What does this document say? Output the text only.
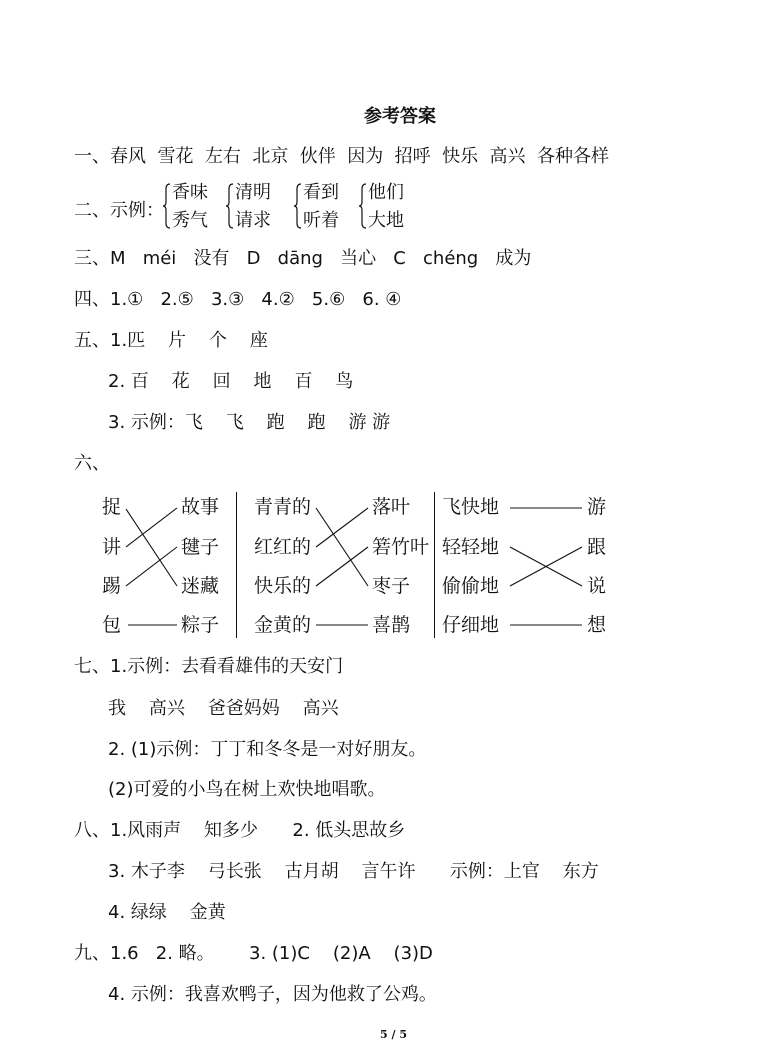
参考答案
一、春风  雪花  左右  北京  伙伴  因为  招呼  快乐  高兴  各种各样
二、示例：
香味
秀气
清明
请求
看到
听着
他们
大地
三、M   méi   没有   D   dāng   当心   C   chéng   成为
四、1.①   2.⑤   3.③   4.②   5.⑥   6. ④
五、1.匹    片    个    座
2. 百    花    回    地    百    鸟
3. 示例：飞    飞    跑    跑    游 游
六、
捉
讲
踢
包
故事
毽子
迷藏
粽子
青青的
红红的
快乐的
金黄的
落叶
箬竹叶
枣子
喜鹊
飞快地
轻轻地
偷偷地
仔细地
游
跟
说
想
七、1.示例：去看看雄伟的天安门
我    高兴    爸爸妈妈    高兴
2. (1)示例：丁丁和冬冬是一对好朋友。
(2)可爱的小鸟在树上欢快地唱歌。
八、1.风雨声    知多少      2. 低头思故乡
3. 木子李    弓长张    古月胡    言午许      示例：上官    东方
4. 绿绿    金黄
九、1.6   2. 略。      3. (1)C    (2)A    (3)D
4. 示例：我喜欢鸭子，因为他救了公鸡。
5 / 5
